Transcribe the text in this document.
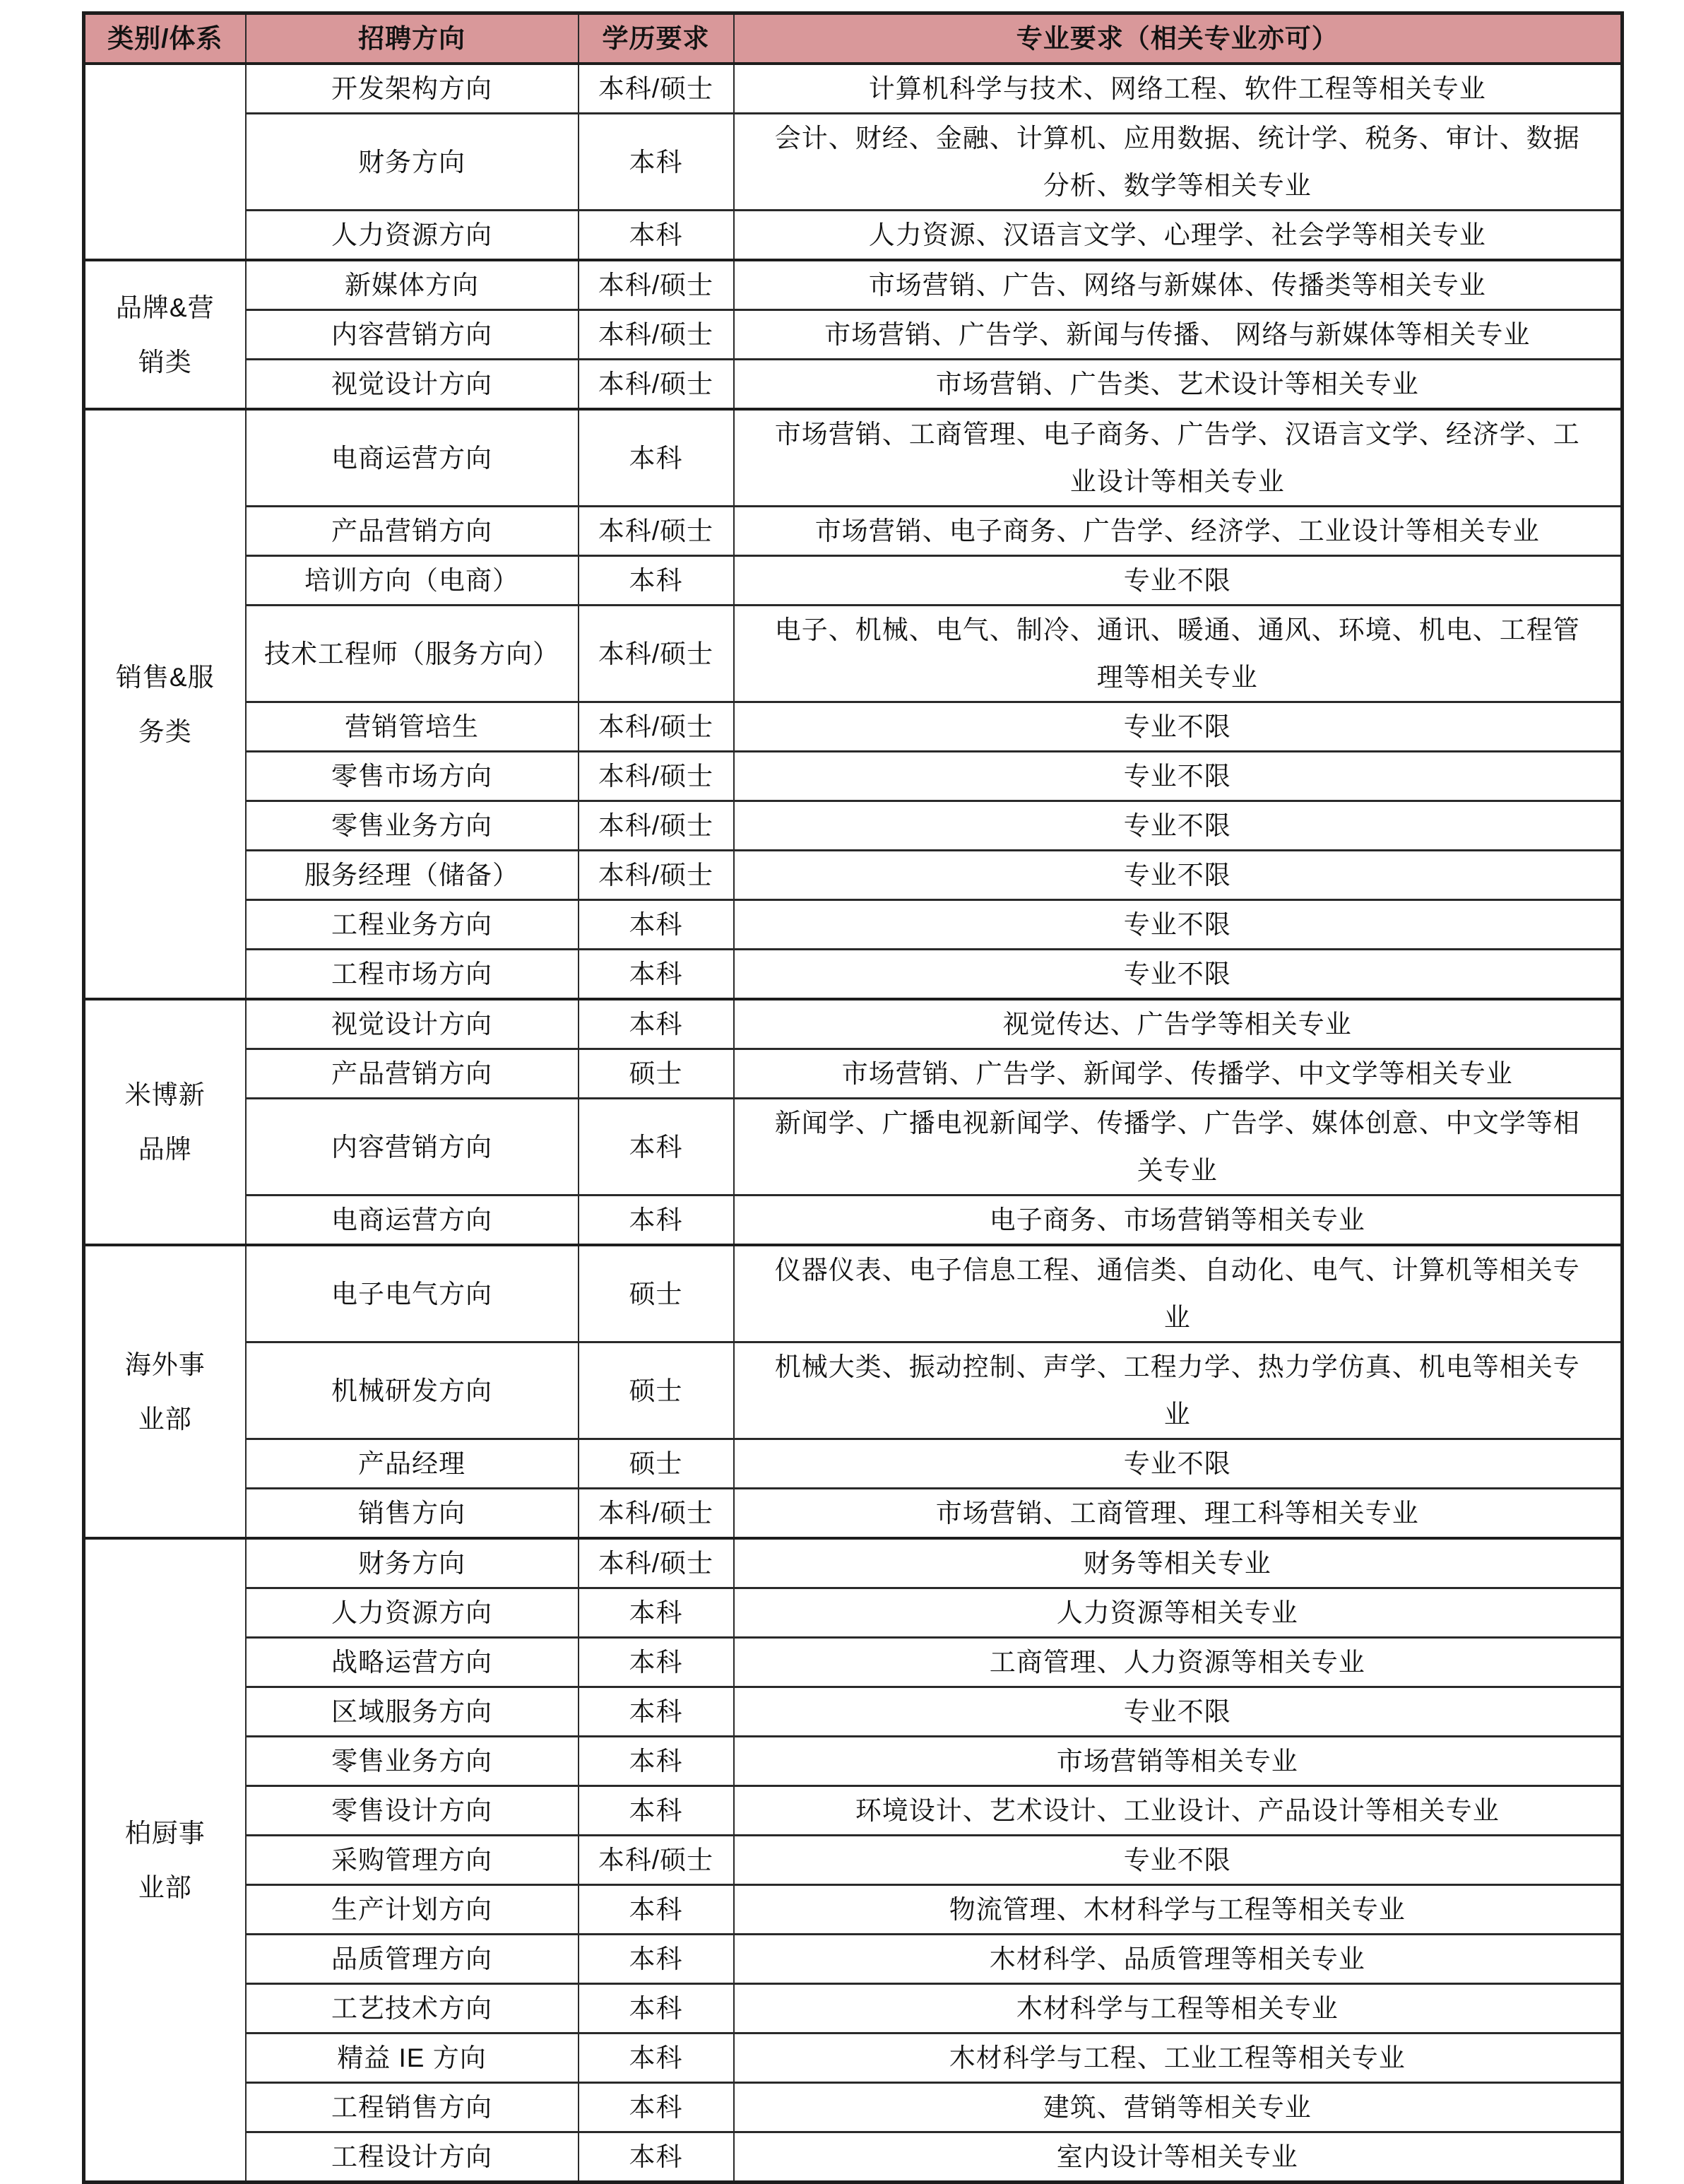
类别/体系	招聘方向	学历要求	专业要求（相关专业亦可）
	开发架构方向	本科/硕士	计算机科学与技术、网络工程、软件工程等相关专业
	财务方向	本科	会计、财经、金融、计算机、应用数据、统计学、税务、审计、数据分析、数学等相关专业
	人力资源方向	本科	人力资源、汉语言文学、心理学、社会学等相关专业
品牌&营销类	新媒体方向	本科/硕士	市场营销、广告、网络与新媒体、传播类等相关专业
	内容营销方向	本科/硕士	市场营销、广告学、新闻与传播、 网络与新媒体等相关专业
	视觉设计方向	本科/硕士	市场营销、广告类、艺术设计等相关专业
销售&服务类	电商运营方向	本科	市场营销、工商管理、电子商务、广告学、汉语言文学、经济学、工业设计等相关专业
	产品营销方向	本科/硕士	市场营销、电子商务、广告学、经济学、工业设计等相关专业
	培训方向（电商）	本科	专业不限
	技术工程师（服务方向）	本科/硕士	电子、机械、电气、制冷、通讯、暖通、通风、环境、机电、工程管理等相关专业
	营销管培生	本科/硕士	专业不限
	零售市场方向	本科/硕士	专业不限
	零售业务方向	本科/硕士	专业不限
	服务经理（储备）	本科/硕士	专业不限
	工程业务方向	本科	专业不限
	工程市场方向	本科	专业不限
米博新品牌	视觉设计方向	本科	视觉传达、广告学等相关专业
	产品营销方向	硕士	市场营销、广告学、新闻学、传播学、中文学等相关专业
	内容营销方向	本科	新闻学、广播电视新闻学、传播学、广告学、媒体创意、中文学等相关专业
	电商运营方向	本科	电子商务、市场营销等相关专业
海外事业部	电子电气方向	硕士	仪器仪表、电子信息工程、通信类、自动化、电气、计算机等相关专业
	机械研发方向	硕士	机械大类、振动控制、声学、工程力学、热力学仿真、机电等相关专业
	产品经理	硕士	专业不限
	销售方向	本科/硕士	市场营销、工商管理、理工科等相关专业
柏厨事业部	财务方向	本科/硕士	财务等相关专业
	人力资源方向	本科	人力资源等相关专业
	战略运营方向	本科	工商管理、人力资源等相关专业
	区域服务方向	本科	专业不限
	零售业务方向	本科	市场营销等相关专业
	零售设计方向	本科	环境设计、艺术设计、工业设计、产品设计等相关专业
	采购管理方向	本科/硕士	专业不限
	生产计划方向	本科	物流管理、木材科学与工程等相关专业
	品质管理方向	本科	木材科学、品质管理等相关专业
	工艺技术方向	本科	木材科学与工程等相关专业
	精益 IE 方向	本科	木材科学与工程、工业工程等相关专业
	工程销售方向	本科	建筑、营销等相关专业
	工程设计方向	本科	室内设计等相关专业
